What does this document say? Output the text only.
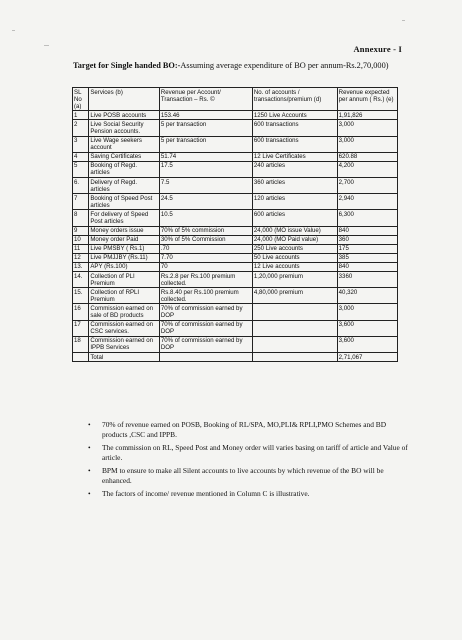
Annexure - I
Target for Single handed BO:-Assuming average expenditure of BO per annum-Rs.2,70,000)
SL No (a)	Services (b)	Revenue per Account/ Transaction – Rs. ©	No. of accounts / transactions/premium (d)	Revenue expected per annum ( Rs.) (e)
1	Live POSB accounts	153.46	1250 Live Accounts	1,91,826
2	Live Social Security Pension accounts.	5 per transaction	600 transactions	3,000
3	Live Wage seekers account	5 per transaction	600 transactions	3,000
4	Saving Certificates	51.74	12 Live Certificates	620.88
5	Booking of Regd. articles	17.5	240 articles	4,200
6.	Delivery of Regd. articles	7.5	360 articles	2,700
7	Booking of Speed Post articles	24.5	120 articles	2,940
8	For delivery of Speed Post articles	10.5	600 articles	6,300
9	Money orders issue	70% of 5% commission	24,000 (MO issue Value)	840
10	Money order Paid	30% of 5% Commission	24,000 (MO Paid value)	360
11	Live PMSBY ( Rs.1)	.70	250 Live accounts	175
12	Live PMJJBY (Rs.11)	7.70	50 Live accounts	385
13.	APY (Rs.100)	70	12 Live accounts	840
14.	Collection of PLI Premium	Rs.2.8 per Rs.100 premium collected.	1,20,000 premium	3360
15.	Collection of RPLI Premium	Rs.8.40 per Rs.100 premium collected.	4,80,000 premium	40,320
16	Commission earned on sale of BD products	70% of commission earned by DOP		3,000
17	Commission earned on CSC services.	70% of commission earned by DOP		3,600
18	Commission earned on IPPB Services	70% of commission earned by DOP		3,600
	Total			2,71,067
• 70% of revenue earned on POSB, Booking of RL/SPA, MO,PLI& RPLI,PMO Schemes and BD products ,CSC and IPPB.
• The commission on RL, Speed Post and Money order will varies basing on tariff of article and Value of article.
• BPM to ensure to make all Silent accounts to live accounts by which revenue of the BO will be enhanced.
• The factors of income/ revenue mentioned in Column C is illustrative.
